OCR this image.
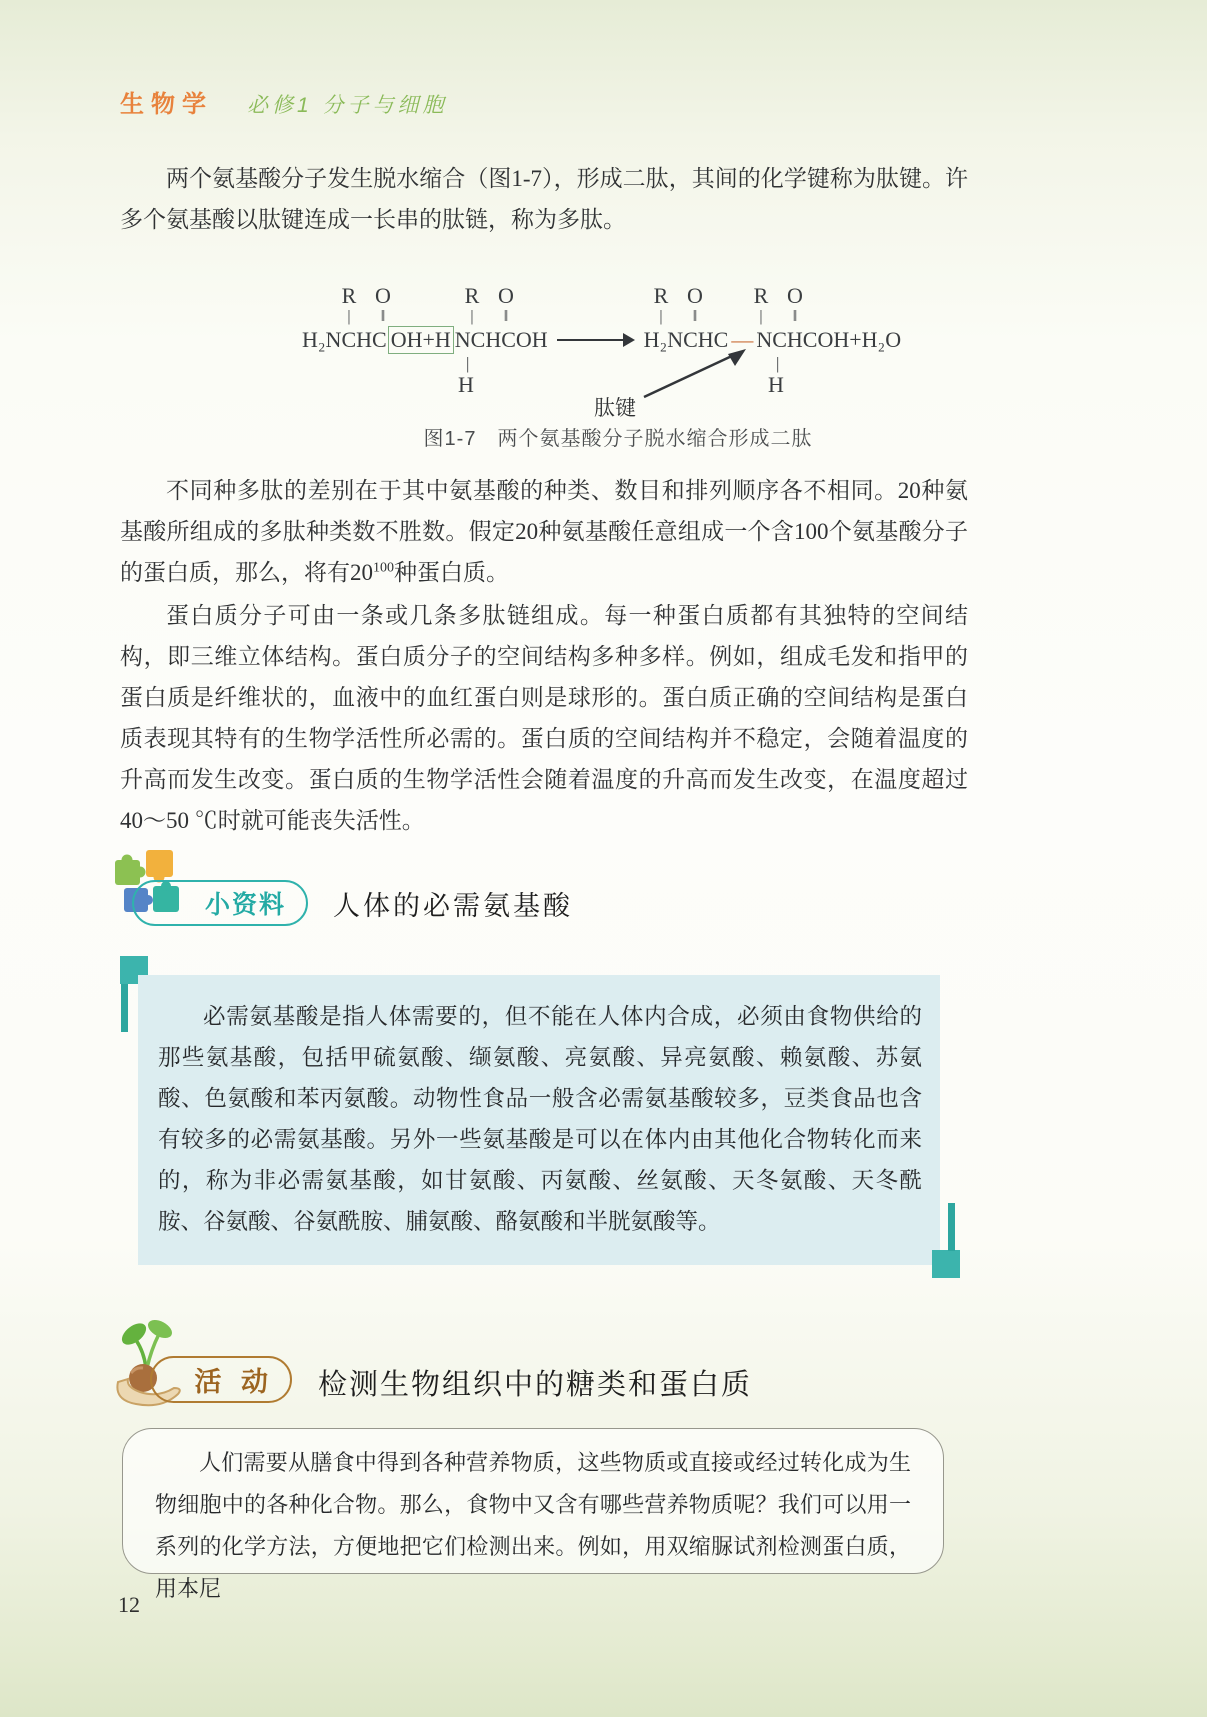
生物学 必修1 分子与细胞

两个氨基酸分子发生脱水缩合（图1-7），形成二肽，其间的化学键称为肽键。许多个氨基酸以肽键连成一长串的肽链，称为多肽。

R
|
O
‖
R
|
O
‖
R
|
O
‖
R
|
O
‖
H₂NCHC OH+H NCHCOH	H₂NCHC — NCHCOH+H₂O
|
H
|
H
肽键
图1-7　两个氨基酸分子脱水缩合形成二肽

不同种多肽的差别在于其中氨基酸的种类、数目和排列顺序各不相同。20种氨基酸所组成的多肽种类数不胜数。假定20种氨基酸任意组成一个含100个氨基酸分子的蛋白质，那么，将有$20^{100}$种蛋白质。

蛋白质分子可由一条或几条多肽链组成。每一种蛋白质都有其独特的空间结构，即三维立体结构。蛋白质分子的空间结构多种多样。例如，组成毛发和指甲的蛋白质是纤维状的，血液中的血红蛋白则是球形的。蛋白质正确的空间结构是蛋白质表现其特有的生物学活性所必需的。蛋白质的空间结构并不稳定，会随着温度的升高而发生改变。蛋白质的生物学活性会随着温度的升高而发生改变，在温度超过40～50 ℃时就可能丧失活性。

小资料 人体的必需氨基酸

必需氨基酸是指人体需要的，但不能在人体内合成，必须由食物供给的那些氨基酸，包括甲硫氨酸、缬氨酸、亮氨酸、异亮氨酸、赖氨酸、苏氨酸、色氨酸和苯丙氨酸。动物性食品一般含必需氨基酸较多，豆类食品也含有较多的必需氨基酸。另外一些氨基酸是可以在体内由其他化合物转化而来的，称为非必需氨基酸，如甘氨酸、丙氨酸、丝氨酸、天冬氨酸、天冬酰胺、谷氨酸、谷氨酰胺、脯氨酸、酪氨酸和半胱氨酸等。

活 动 检测生物组织中的糖类和蛋白质

人们需要从膳食中得到各种营养物质，这些物质或直接或经过转化成为生物细胞中的各种化合物。那么，食物中又含有哪些营养物质呢？我们可以用一系列的化学方法，方便地把它们检测出来。例如，用双缩脲试剂检测蛋白质，用本尼

12
